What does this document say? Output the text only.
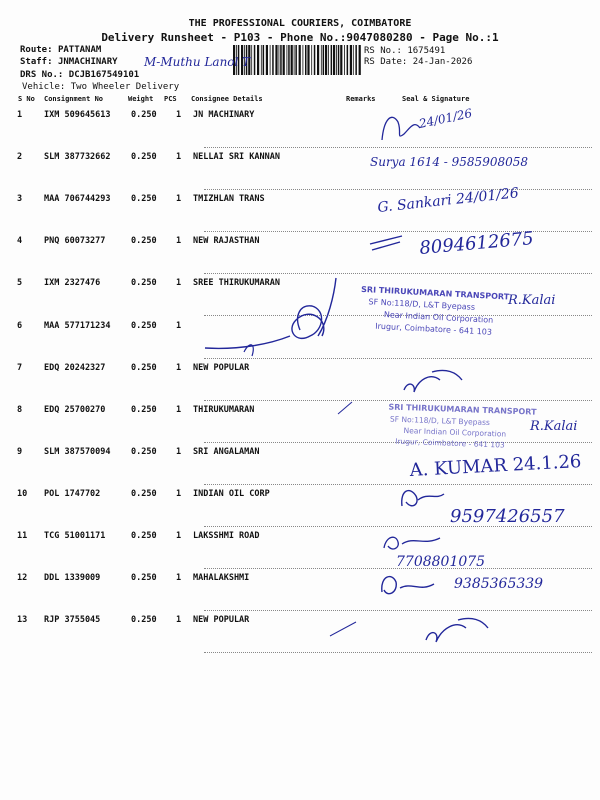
THE PROFESSIONAL COURIERS, COIMBATORE
Delivery Runsheet - P103 - Phone No.:9047080280 - Page No.:1
Route: PATTANAM
Staff: JNMACHINARY
DRS No.: DCJB167549101
Vehicle: Two Wheeler Delivery
RS No.: 1675491
RS Date: 24-Jan-2026
M-Muthu Lanol T
S No Consignment No	Weight PCS Consignee Details	Remarks	Seal & Signature
1	IXM 509645613 0.250 1 JN MACHINARY
2	SLM 387732662 0.250 1 NELLAI SRI KANNAN
3	MAA 706744293 0.250 1 TMIZHLAN TRANS
4	PNQ 60073277	0.250 1 NEW RAJASTHAN
5	IXM 2327476	0.250 1 SREE THIRUKUMARAN
6	MAA 577171234 0.250 1
7	EDQ 20242327	0.250 1 NEW POPULAR
8	EDQ 25700270	0.250 1 THIRUKUMARAN
9	SLM 387570094 0.250 1 SRI ANGALAMAN
10 POL 1747702	0.250 1 INDIAN OIL CORP
11 TCG 51001171	0.250 1 LAKSSHMI ROAD
12 DDL 1339009	0.250 1 MAHALAKSHMI
13 RJP 3755045	0.250 1 NEW POPULAR
24/01/26
Surya 1614 - 9585908058
G. Sankari 24/01/26
8094612675
SRI THIRUKUMARAN TRANSPORT
SF No:118/D, L&T Byepass
Near Indian Oil Corporation
Irugur, Coimbatore - 641 103
R.Kalai
SRI THIRUKUMARAN TRANSPORT
SF No:118/D, L&T Byepass
Near Indian Oil Corporation
Irugur, Coimbatore - 641 103
R.Kalai
A. KUMAR 24.1.26
9597426557
7708801075
9385365339
